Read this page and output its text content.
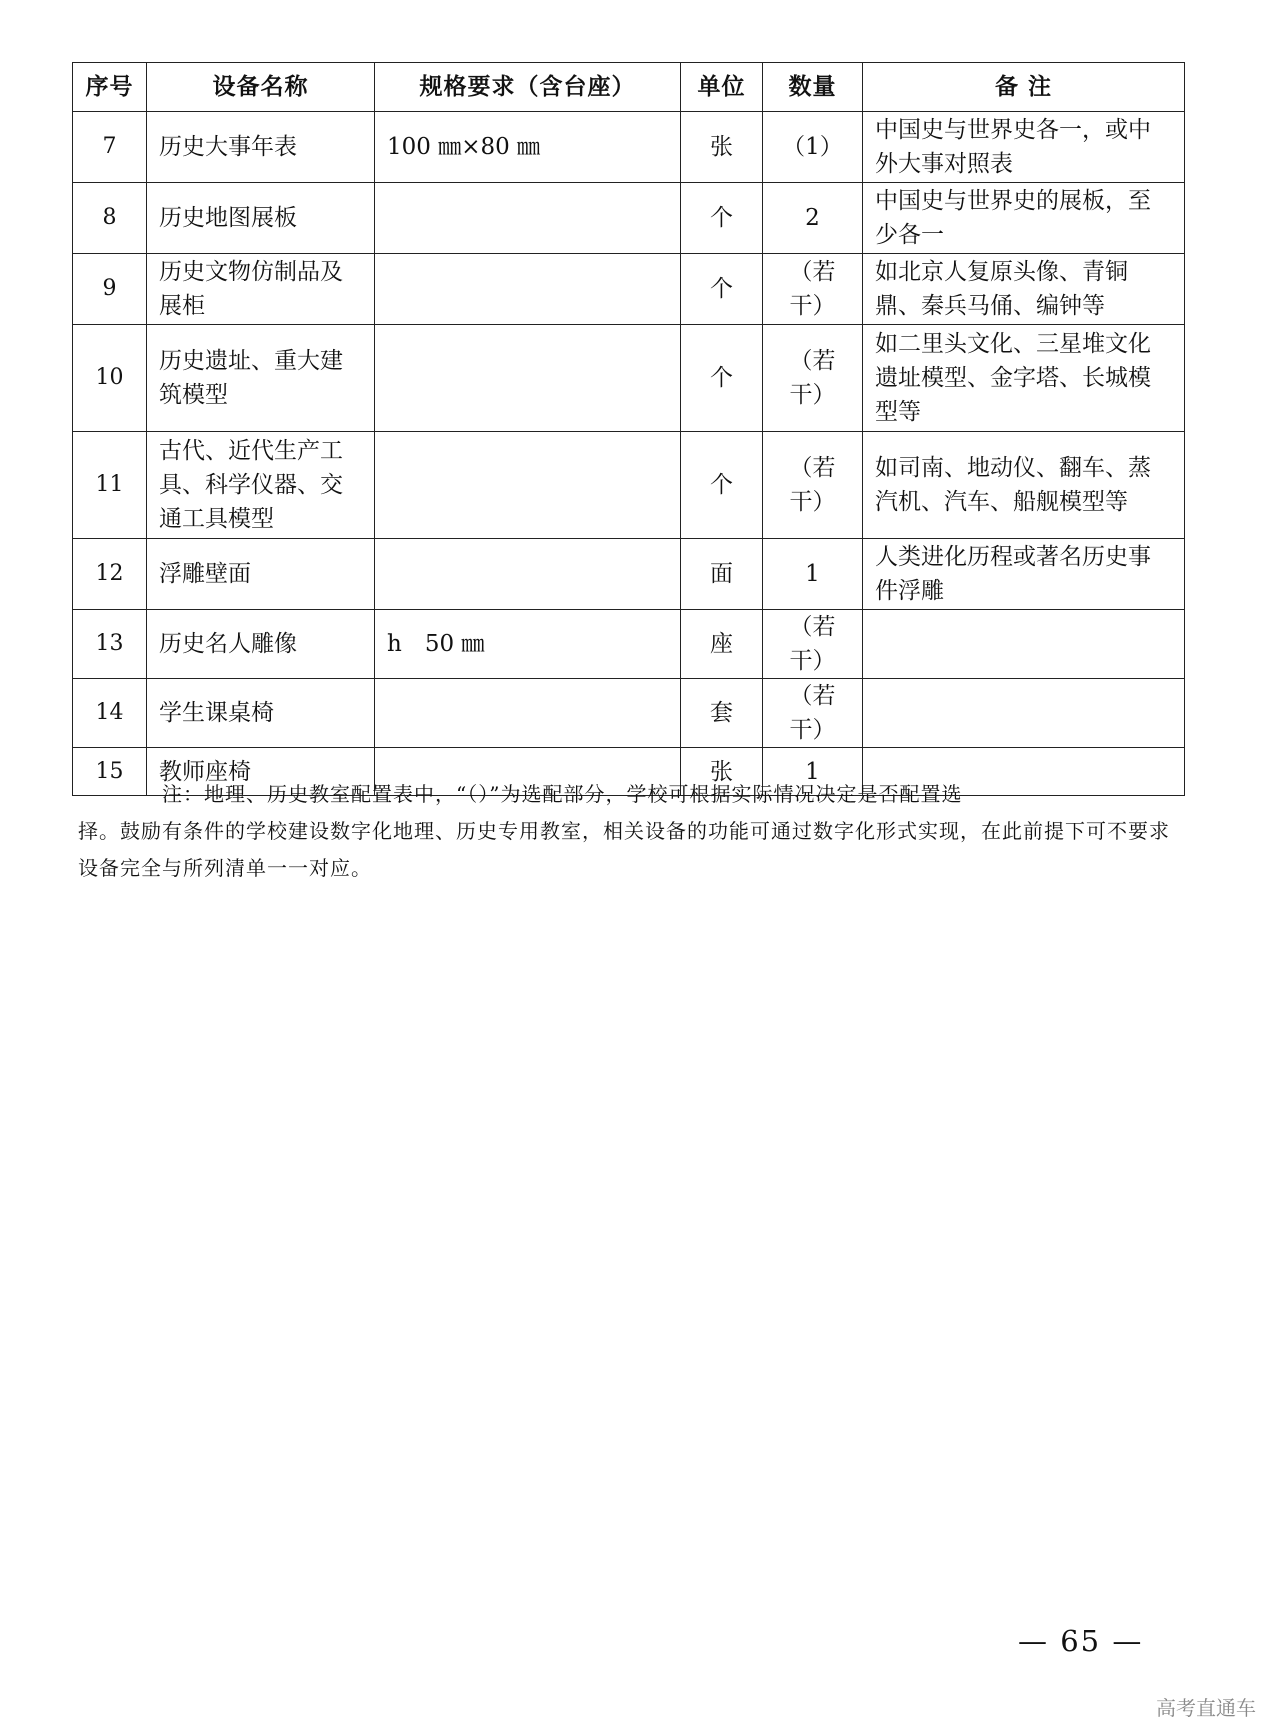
序号	设备名称	规格要求（含台座）	单位	数量	备 注
7	历史大事年表	100 ㎜×80 ㎜	张	（1）	中国史与世界史各一，或中外大事对照表
8	历史地图展板		个	2	中国史与世界史的展板，至少各一
9	历史文物仿制品及展柜		个	（若干）	如北京人复原头像、青铜鼎、秦兵马俑、编钟等
10	历史遗址、重大建筑模型		个	（若干）	如二里头文化、三星堆文化遗址模型、金字塔、长城模型等
11	古代、近代生产工具、科学仪器、交通工具模型		个	（若干）	如司南、地动仪、翻车、蒸汽机、汽车、船舰模型等
12	浮雕壁面		面	1	人类进化历程或著名历史事件浮雕
13	历史名人雕像	h　50 ㎜	座	（若干）	
14	学生课桌椅		套	（若干）	
15	教师座椅		张	1	

注：地理、历史教室配置表中，“（）”为选配部分，学校可根据实际情况决定是否配置选
择。鼓励有条件的学校建设数字化地理、历史专用教室，相关设备的功能可通过数字化形式实现，在此前提下可不要求设备完全与所列清单一一对应。

— 65 —
高考直通车
